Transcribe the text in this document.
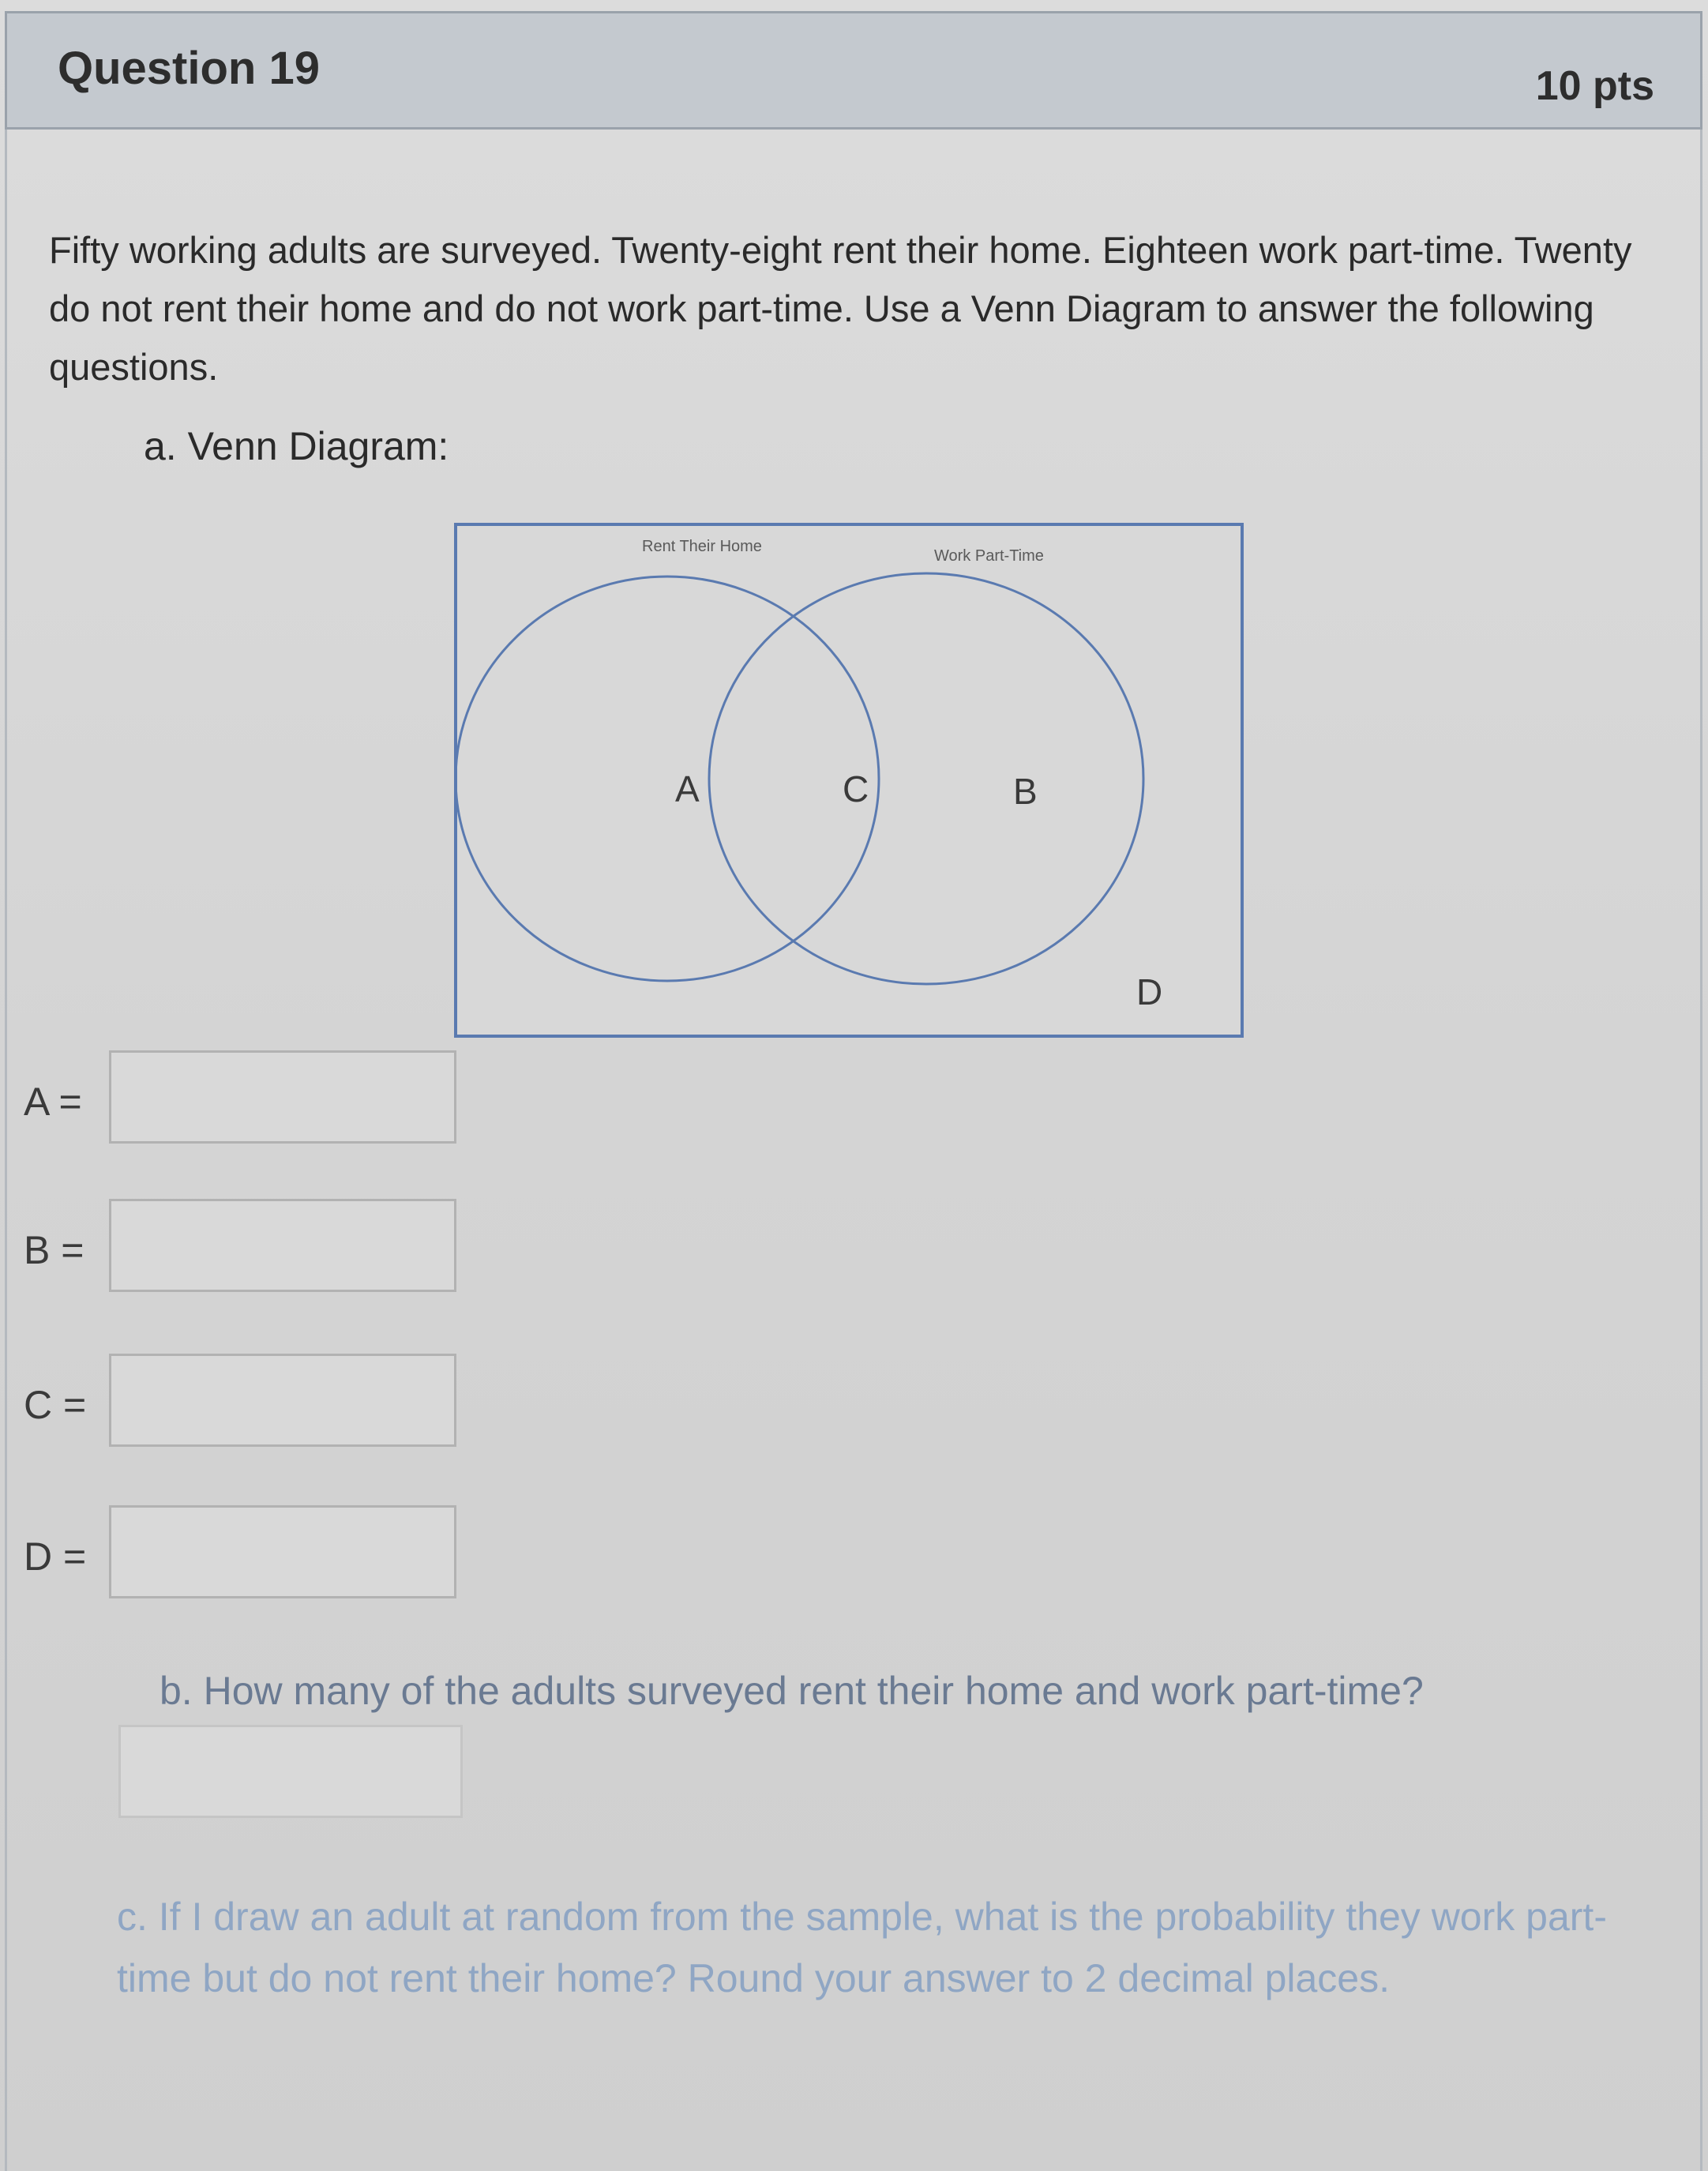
Question 19	10 pts
Fifty working adults are surveyed. Twenty-eight rent their home. Eighteen work part-time. Twenty do not rent their home and do not work part-time. Use a Venn Diagram to answer the following questions.
a. Venn Diagram:
Rent Their Home
Work Part-Time
A	C	B
D
A =
B =
C =
D =
b. How many of the adults surveyed rent their home and work part-time?
c. If I draw an adult at random from the sample, what is the probability they work part-time but do not rent their home? Round your answer to 2 decimal places.
